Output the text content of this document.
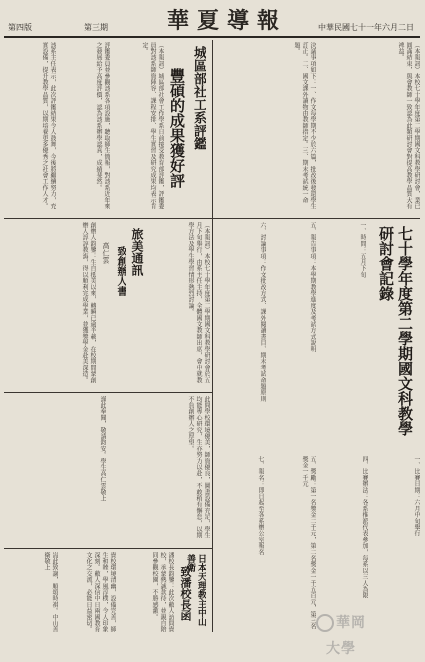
第四版	第三期	華夏導報	中華民國七十一年六月二日
（本報訊）本校七十學年度第二學期國文科教學研討會，業已圓滿結束，與會教師一致認為此類研討會對提高教學品質大有裨益。
決議事項如下：一、作文每學期不少於六篇，批改後發還學生訂正。二、國文課外讀物由教師指定。三、期末考試統一命題。
城區部社工系評鑑
豐碩的成果獲好評
（本報訊）城區部社會工作學系日前接受教育部評鑑，評鑑委員對該系師資陣容、課程安排、學生實習及研究成果均表示肯定。
評鑑委員並參觀該系各項設施，聽取師生簡報，對該系近年來之發展給予高度評價，認為該系辦學認真，成績斐然。
該系主任表示，此次評鑑結果令人鼓舞，今後將繼續努力，充實設備，提升教學品質，以期培養更多優秀之社會工作人才。
七十學年度第二學期國文科教學研討會記錄
一、時間：五月下旬
五、報告事項：本學期教學進度及考試方式說明
六、討論事項：作文批改方式、課外閱讀書目、期末考試命題原則
一、比賽日期：六月中旬舉行
四、比賽辦法：各系推派代表參加，每系以三人為限
五、獎勵：第一名獎金二千元，第二名獎金一千五百元，第三名獎金一千元
七、報名：即日起至各系辦公室報名
（本報訊）本校七十學年度第二學期國文科教學研討會於五月下旬舉行，由系主任主持，全體國文教師出席，會中就教學方法及學生學習情形熱烈討論。
旅美通訊
致創辦人書
高仁雲
創辦人鈞鑒：生自抵美以來，轉瞬已逾半載，在校期間蒙創辦人諄諄教誨，得以順利完成學業，並獲獎學金赴美深造。
此間學校環境優美，師資優良，圖書設備充足，學生均能專心研究，生亦努力以赴，不敢稍有懈怠，以期不負創辦人之厚望。
謹此奉聞，敬請鈞安。學生高仁雲敬上
日本天理教主中山善衛
致潘校長函
潘校長鈞鑒：此次敝人訪問貴校，承蒙熱誠款待，並親自陪同參觀校園，不勝感激。
貴校環境清幽，設備完善，師生和睦，學風淳樸，令人印象深刻。敝人深信中日兩國教育文化之交流，必能日益密切。
耑此致謝，順頌時祺。中山善衛敬上
華岡大學
